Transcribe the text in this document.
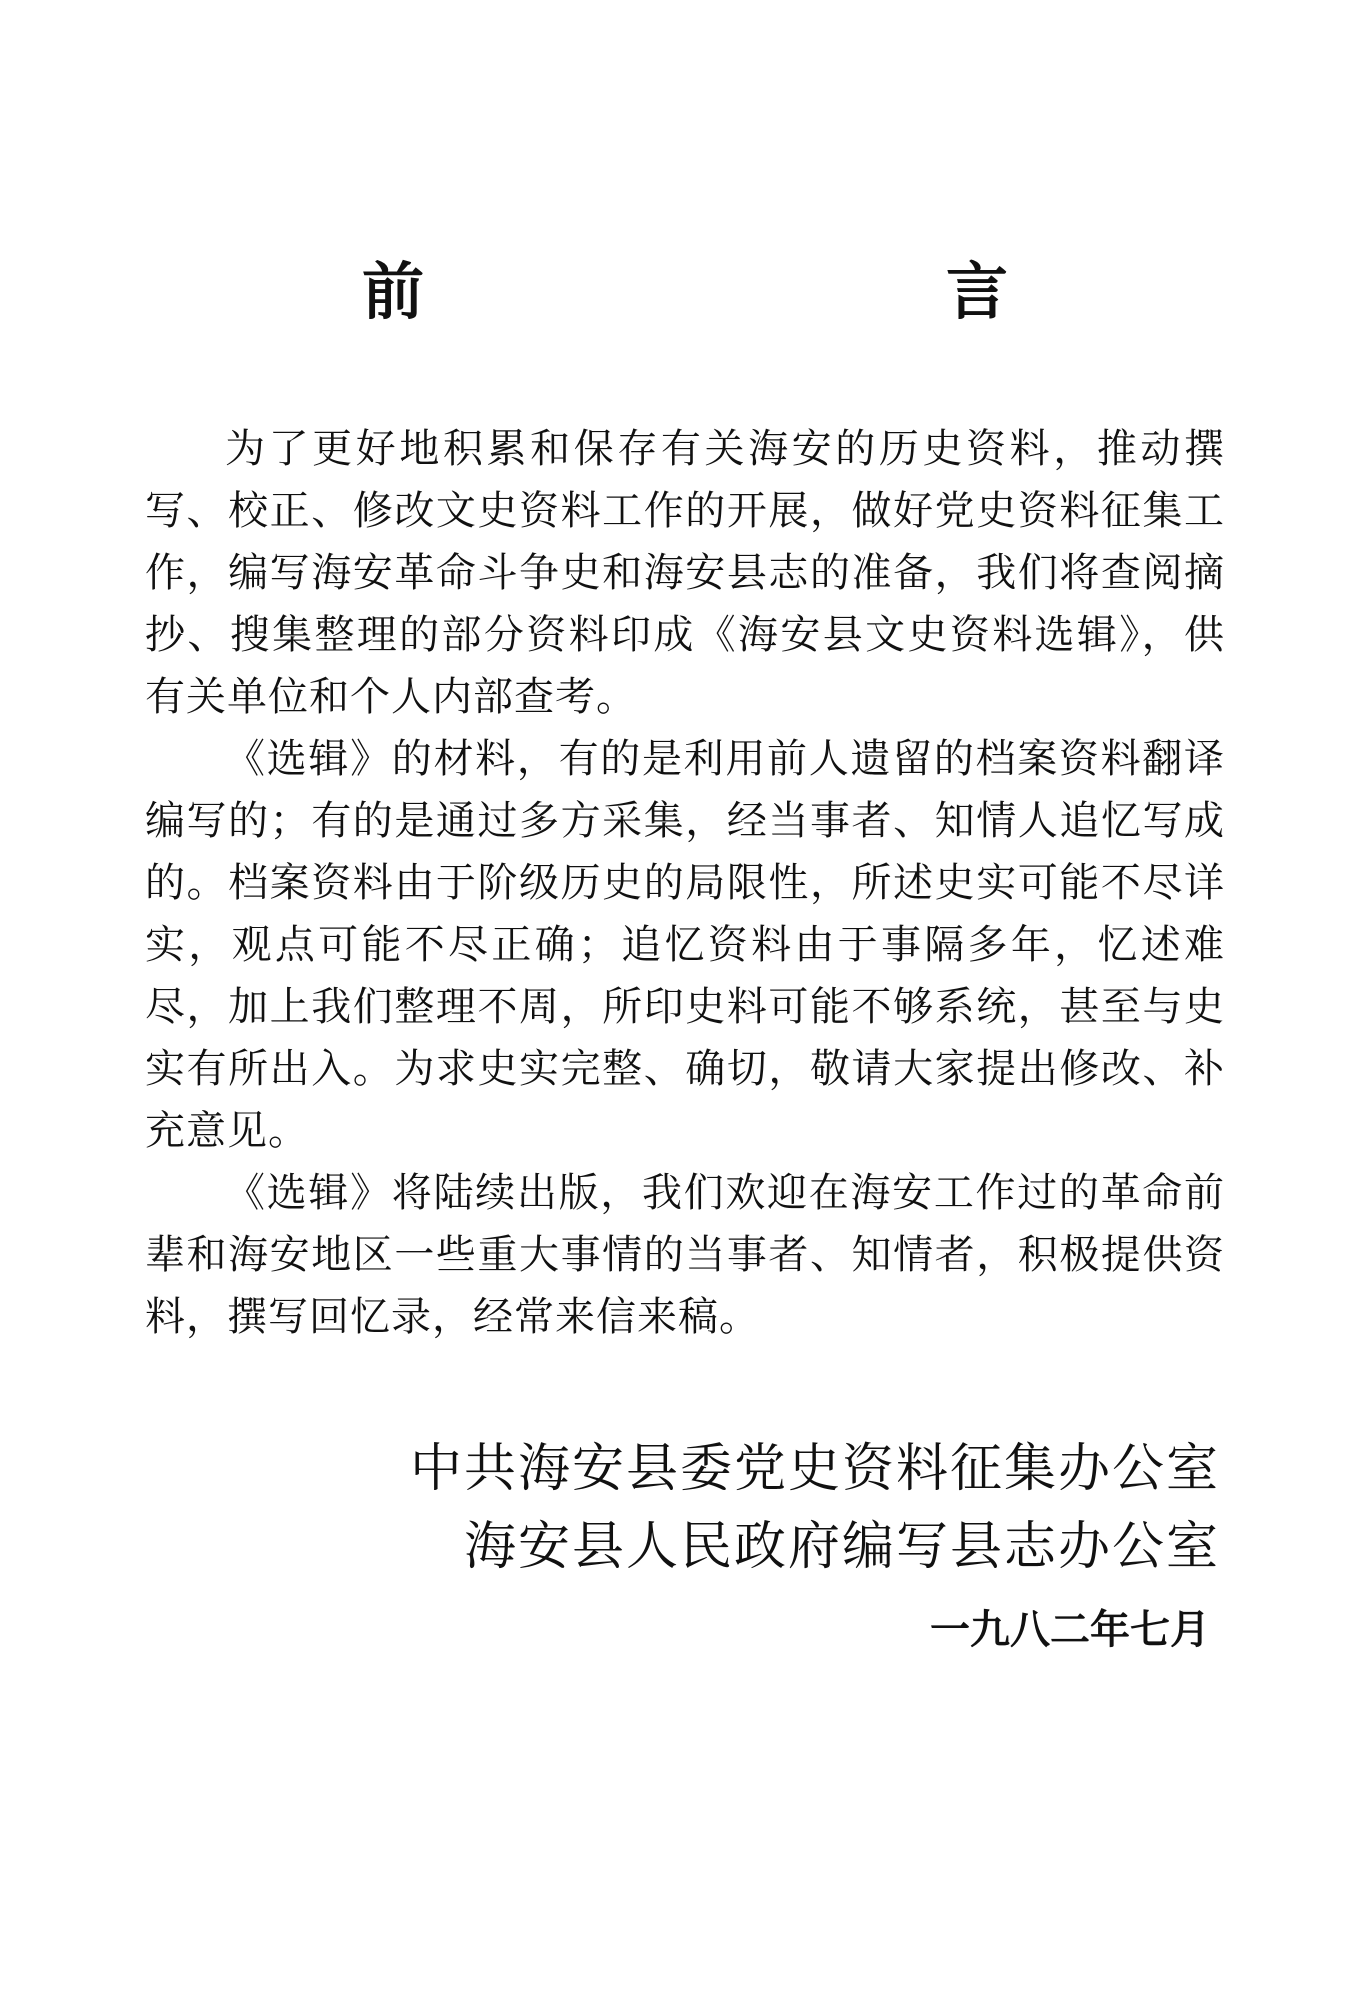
前　言

为了更好地积累和保存有关海安的历史资料，推动撰写、校正、修改文史资料工作的开展，做好党史资料征集工作，编写海安革命斗争史和海安县志的准备，我们将查阅摘抄、搜集整理的部分资料印成《海安县文史资料选辑》，供有关单位和个人内部查考。

《选辑》的材料，有的是利用前人遗留的档案资料翻译编写的；有的是通过多方采集，经当事者、知情人追忆写成的。档案资料由于阶级历史的局限性，所述史实可能不尽详实，观点可能不尽正确；追忆资料由于事隔多年，忆述难尽，加上我们整理不周，所印史料可能不够系统，甚至与史实有所出入。为求史实完整、确切，敬请大家提出修改、补充意见。

《选辑》将陆续出版，我们欢迎在海安工作过的革命前辈和海安地区一些重大事情的当事者、知情者，积极提供资料，撰写回忆录，经常来信来稿。

中共海安县委党史资料征集办公室
海安县人民政府编写县志办公室
一九八二年七月
